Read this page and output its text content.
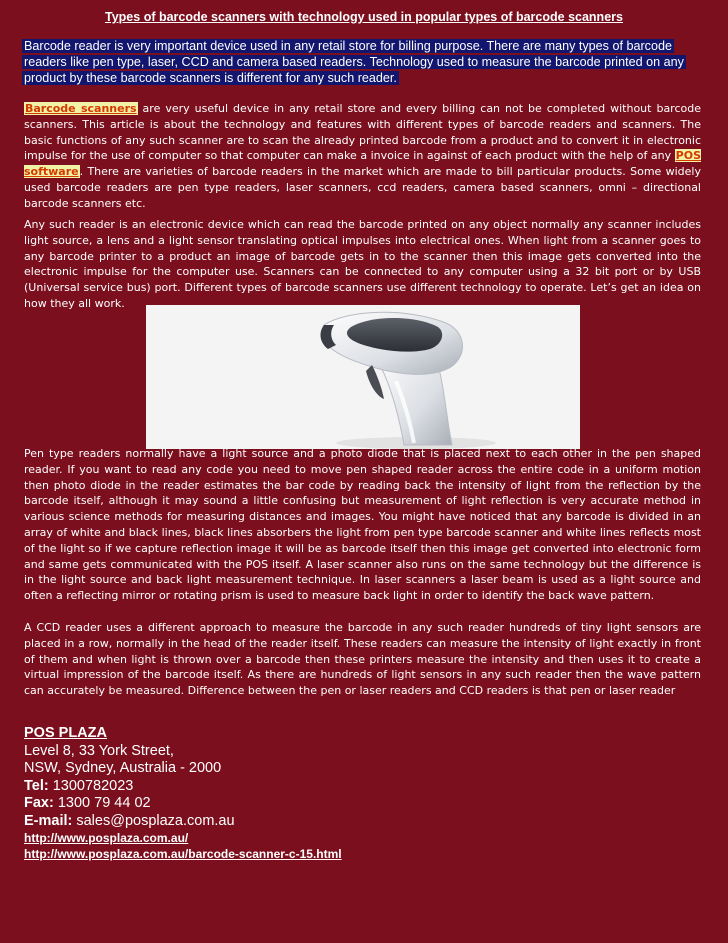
Types of barcode scanners with technology used in popular types of barcode scanners
Barcode reader is very important device used in any retail store for billing purpose. There are many types of barcode readers like pen type, laser, CCD and camera based readers. Technology used to measure the barcode printed on any product by these barcode scanners is different for any such reader.

Barcode scanners are very useful device in any retail store and every billing can not be completed without barcode scanners. This article is about the technology and features with different types of barcode readers and scanners. The basic functions of any such scanner are to scan the already printed barcode from a product and to convert it in electronic impulse for the use of computer so that computer can make a invoice in against of each product with the help of any POS software. There are varieties of barcode readers in the market which are made to bill particular products. Some widely used barcode readers are pen type readers, laser scanners, ccd readers, camera based scanners, omni – directional barcode scanners etc.

Any such reader is an electronic device which can read the barcode printed on any object normally any scanner includes light source, a lens and a light sensor translating optical impulses into electrical ones. When light from a scanner goes to any barcode printer to a product an image of barcode gets in to the scanner then this image gets converted into the electronic impulse for the computer use. Scanners can be connected to any computer using a 32 bit port or by USB (Universal service bus) port. Different types of barcode scanners use different technology to operate. Let’s get an idea on how they all work.

Pen type readers normally have a light source and a photo diode that is placed next to each other in the pen shaped reader. If you want to read any code you need to move pen shaped reader across the entire code in a uniform motion then photo diode in the reader estimates the bar code by reading back the intensity of light from the reflection by the barcode itself, although it may sound a little confusing but measurement of light reflection is very accurate method in various science methods for measuring distances and images. You might have noticed that any barcode is divided in an array of white and black lines, black lines absorbers the light from pen type barcode scanner and white lines reflects most of the light so if we capture reflection image it will be as barcode itself then this image get converted into electronic form and same gets communicated with the POS itself. A laser scanner also runs on the same technology but the difference is in the light source and back light measurement technique. In laser scanners a laser beam is used as a light source and often a reflecting mirror or rotating prism is used to measure back light in order to identify the back wave pattern.

A CCD reader uses a different approach to measure the barcode in any such reader hundreds of tiny light sensors are placed in a row, normally in the head of the reader itself. These readers can measure the intensity of light exactly in front of them and when light is thrown over a barcode then these printers measure the intensity and then uses it to create a virtual impression of the barcode itself. As there are hundreds of light sensors in any such reader then the wave pattern can accurately be measured. Difference between the pen or laser readers and CCD readers is that pen or laser reader

POS PLAZA
Level 8, 33 York Street,
NSW, Sydney, Australia - 2000
Tel: 1300782023
Fax: 1300 79 44 02
E-mail: sales@posplaza.com.au
http://www.posplaza.com.au/
http://www.posplaza.com.au/barcode-scanner-c-15.html
